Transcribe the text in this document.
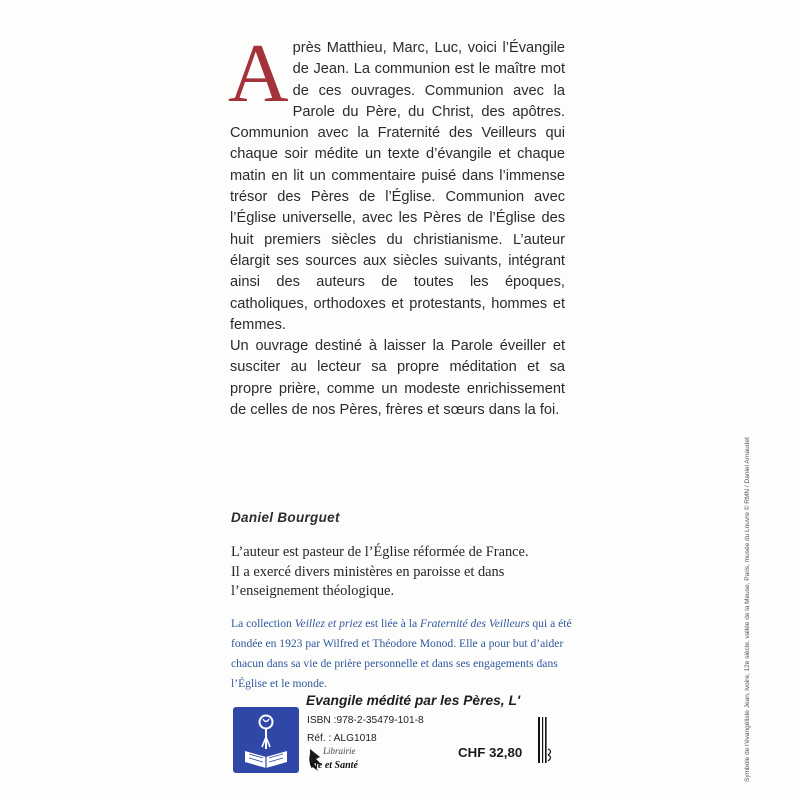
Après Matthieu, Marc, Luc, voici l’Évangile de Jean. La communion est le maître mot de ces ouvrages. Communion avec la Parole du Père, du Christ, des apôtres. Communion avec la Fraternité des Veilleurs qui chaque soir médite un texte d’évangile et chaque matin en lit un commentaire puisé dans l’immense trésor des Pères de l’Église. Communion avec l’Église universelle, avec les Pères de l’Église des huit premiers siècles du christianisme. L’auteur élargit ses sources aux siècles suivants, intégrant ainsi des auteurs de toutes les époques, catholiques, orthodoxes et protestants, hommes et femmes.

Un ouvrage destiné à laisser la Parole éveiller et susciter au lecteur sa propre méditation et sa propre prière, comme un modeste enrichissement de celles de nos Pères, frères et sœurs dans la foi.

Daniel Bourguet
L’auteur est pasteur de l’Église réformée de France.
Il a exercé divers ministères en paroisse et dans
l’enseignement théologique.
La collection Veillez et priez est liée à la Fraternité des Veilleurs qui a été fondée en 1923 par Wilfred et Théodore Monod. Elle a pour but d’aider chacun dans sa vie de prière personnelle et dans ses engagements dans l’Église et le monde.
Evangile médité par les Pères, L'
ISBN :978-2-35479-101-8
Réf. : ALG1018
Librairie
Vie et Santé
CHF 32,80	Symbole de l’évangéliste Jean, ivoire, 12e siècle, vallée de la Meuse, Paris, musée du Louvre © RMN / Daniel Arnaudet
